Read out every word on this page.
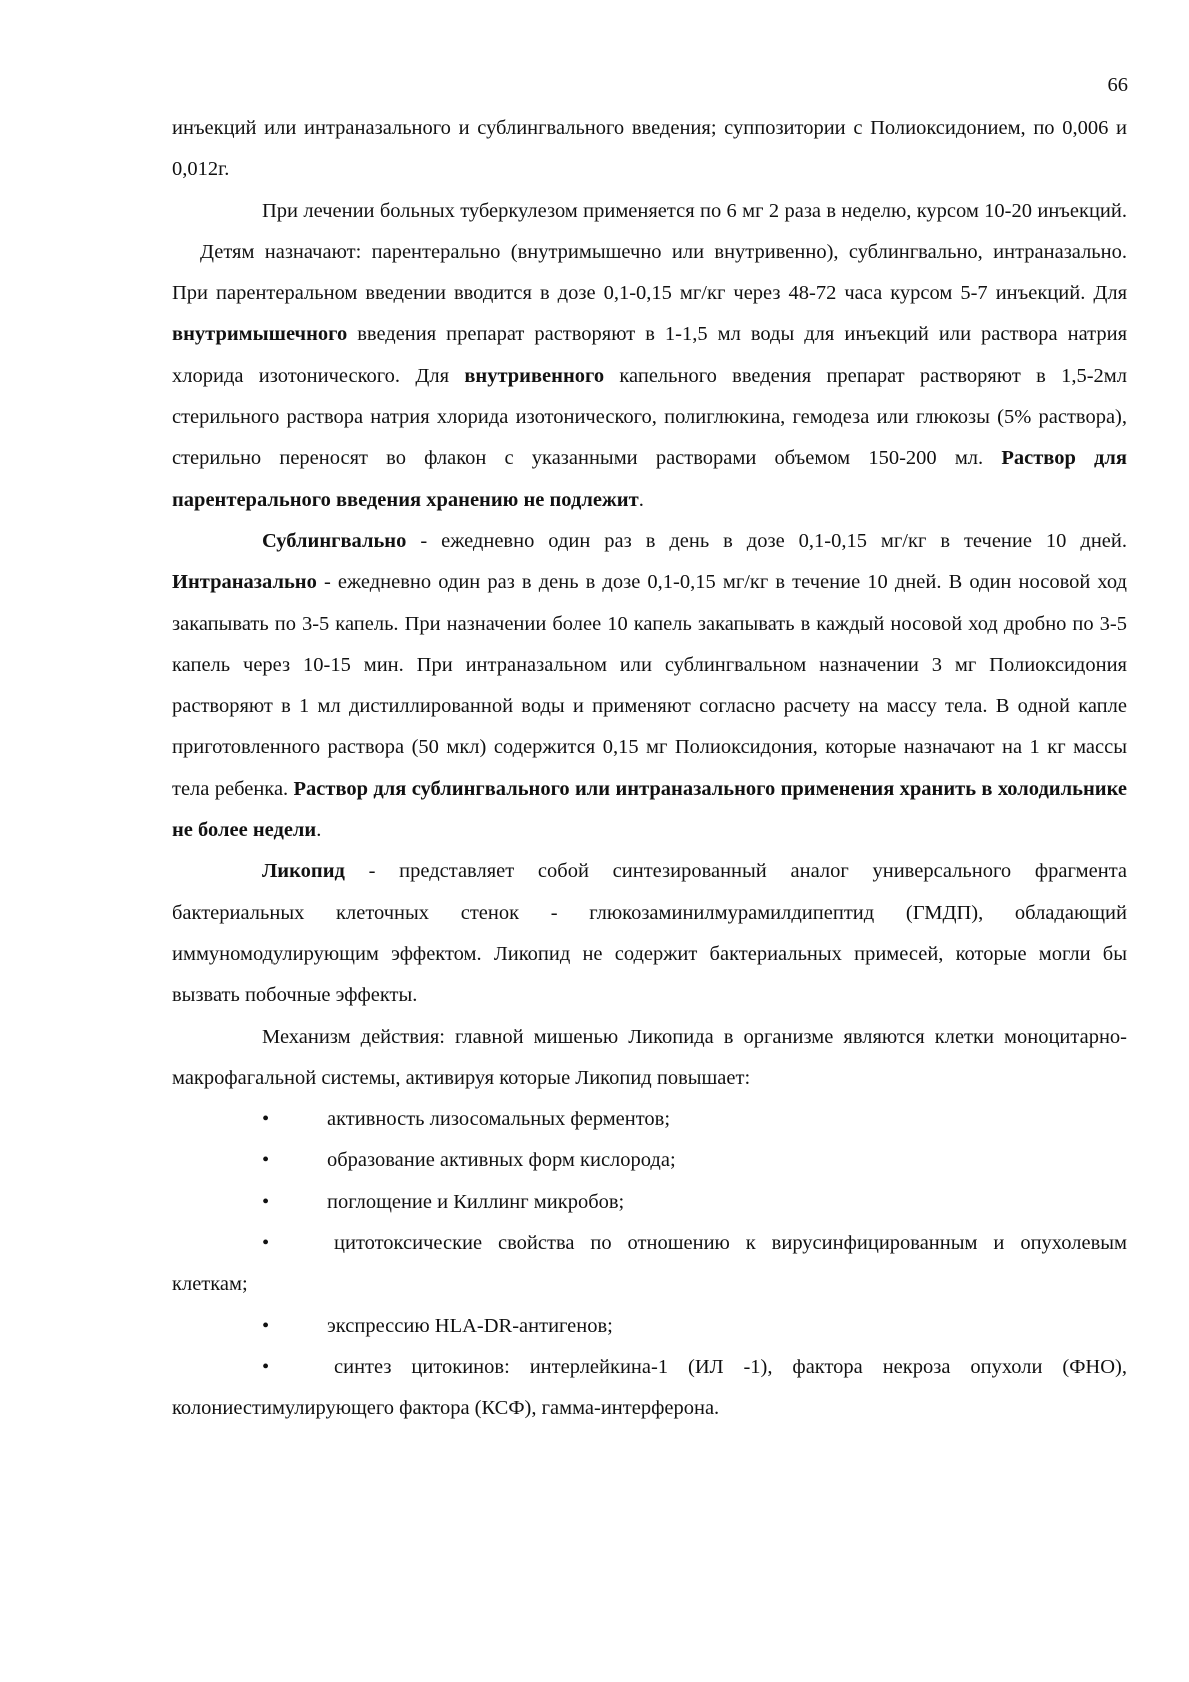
66

инъекций или интраназального и сублингвального введения; суппозитории с Полиоксидонием, по 0,006 и 0,012г.

При лечении больных туберкулезом применяется по 6 мг 2 раза в неделю, курсом 10-20 инъекций.Детям назначают: парентерально (внутримышечно или внутривенно), сублингвально, интраназально. При парентеральном введении вводится в дозе 0,1-0,15 мг/кг через 48-72 часа курсом 5-7 инъекций. Для внутримышечного введения препарат растворяют в 1-1,5 мл воды для инъекций или раствора натрия хлорида изотонического. Для внутривенного капельного введения препарат растворяют в 1,5-2мл стерильного раствора натрия хлорида изотонического, полиглюкина, гемодеза или глюкозы (5% раствора), стерильно переносят во флакон с указанными растворами объемом 150-200 мл. Раствор для парентерального введения хранению не подлежит.

Сублингвально - ежедневно один раз в день в дозе 0,1-0,15 мг/кг в течение 10 дней. Интраназально - ежедневно один раз в день в дозе 0,1-0,15 мг/кг в течение 10 дней. В один носовой ход закапывать по 3-5 капель. При назначении более 10 капель закапывать в каждый носовой ход дробно по 3-5 капель через 10-15 мин. При интраназальном или сублингвальном назначении 3 мг Полиоксидония растворяют в 1 мл дистиллированной воды и применяют согласно расчету на массу тела. В одной капле приготовленного раствора (50 мкл) содержится 0,15 мг Полиоксидония, которые назначают на 1 кг массы тела ребенка. Раствор для сублингвального или интраназального применения хранить в холодильнике не более недели.

Ликопид - представляет собой синтезированный аналог универсального фрагмента бактериальных клеточных стенок - глюкозаминилмурамилдипептид (ГМДП), обладающий иммуномодулирующим эффектом. Ликопид не содержит бактериальных примесей, которые могли бы вызвать побочные эффекты.

Механизм действия: главной мишенью Ликопида в организме являются клетки моноцитарно-макрофагальной системы, активируя которые Ликопид повышает:

•	активность лизосомальных ферментов;

•	образование активных форм кислорода;

•	поглощение и Киллинг микробов;

•	цитотоксические свойства по отношению к вирусинфицированным и опухолевым клеткам;

•	экспрессию HLA-DR-антигенов;

•	синтез цитокинов: интерлейкина-1 (ИЛ -1), фактора некроза опухоли (ФНО), колониестимулирующего фактора (КСФ), гамма-интерферона.
